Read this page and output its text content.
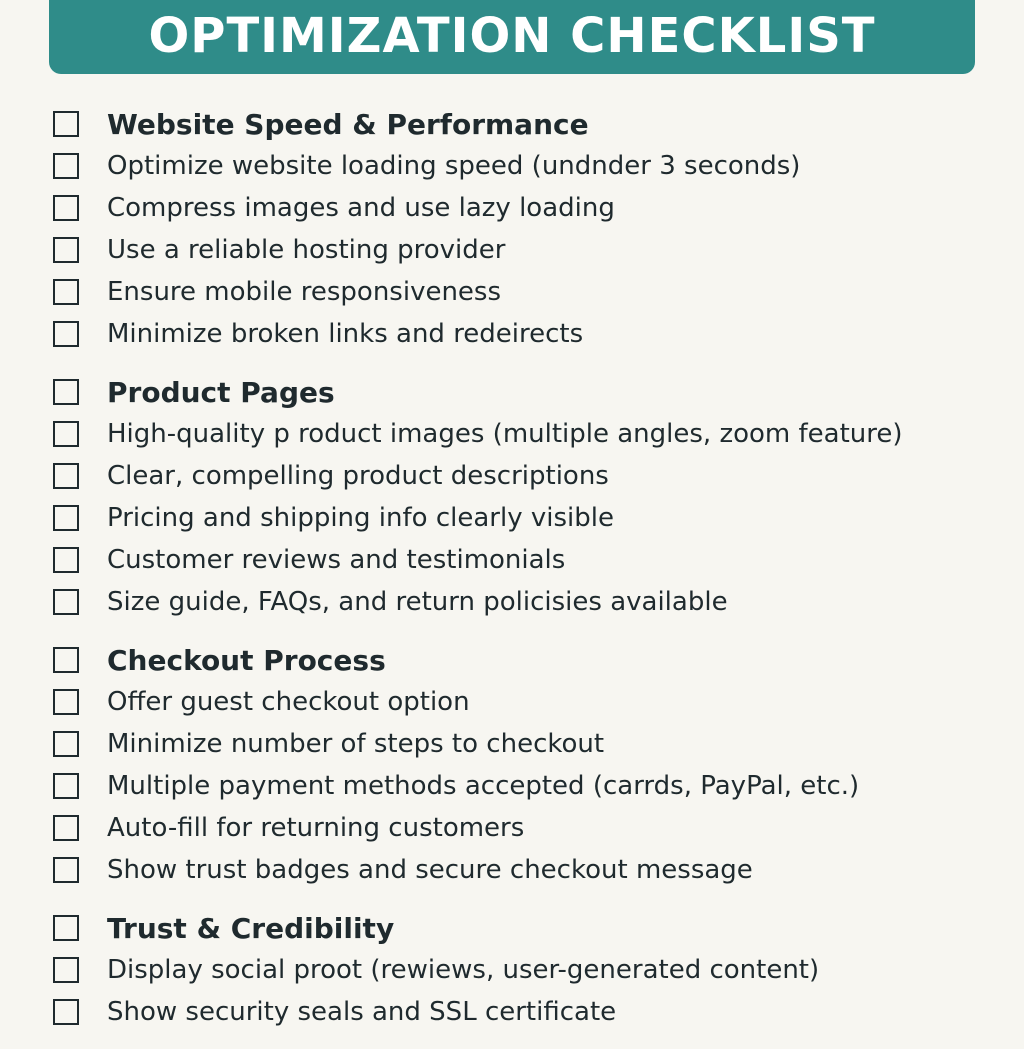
OPTIMIZATION CHECKLIST
Website Speed & Performance
Optimize website loading speed (undnder 3 seconds)
Compress images and use lazy loading
Use a reliable hosting provider
Ensure mobile responsiveness
Minimize broken links and redeirects
Product Pages
High-quality p roduct images (multiple angles, zoom feature)
Clear, compelling product descriptions
Pricing and shipping info clearly visible
Customer reviews and testimonials
Size guide, FAQs, and return policisies available
Checkout Process
Offer guest checkout option
Minimize number of steps to checkout
Multiple payment methods accepted (carrds, PayPal, etc.)
Auto-fill for returning customers
Show trust badges and secure checkout message
Trust & Credibility
Display social proot (rewiews, user-generated content)
Show security seals and SSL certificate
